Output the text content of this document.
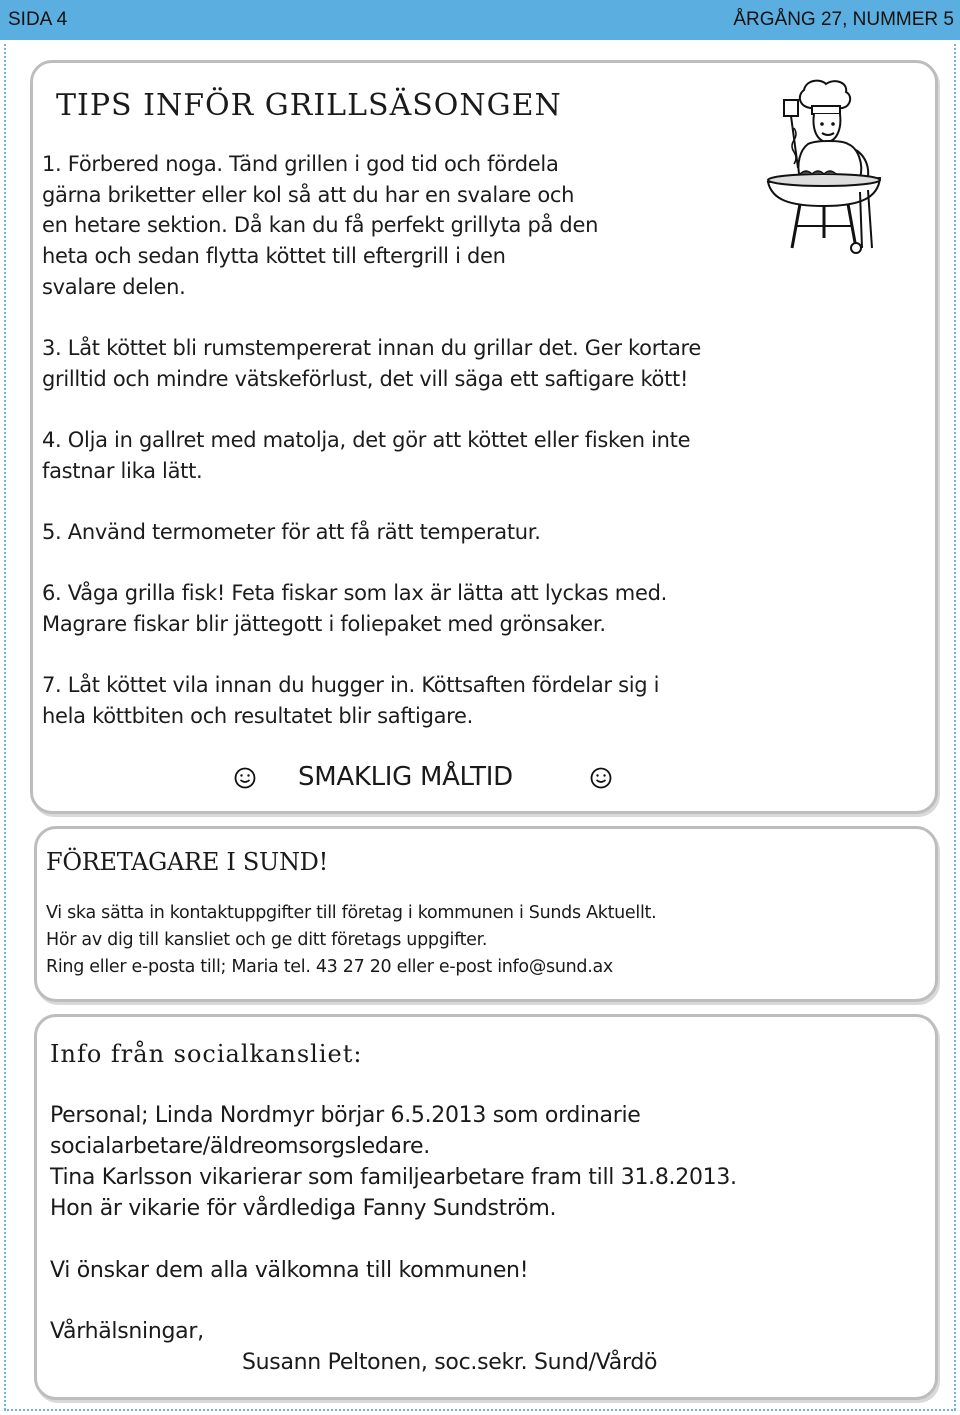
SIDA 4	ÅRGÅNG 27, NUMMER 5
TIPS INFÖR GRILLSÄSONGEN
1. Förbered noga. Tänd grillen i god tid och fördela
gärna briketter eller kol så att du har en svalare och
en hetare sektion. Då kan du få perfekt grillyta på den
heta och sedan flytta köttet till eftergrill i den
svalare delen.
3. Låt köttet bli rumstempererat innan du grillar det. Ger kortare
grilltid och mindre vätskeförlust, det vill säga ett saftigare kött!
4. Olja in gallret med matolja, det gör att köttet eller fisken inte
fastnar lika lätt.
5. Använd termometer för att få rätt temperatur.
6. Våga grilla fisk! Feta fiskar som lax är lätta att lyckas med.
Magrare fiskar blir jättegott i foliepaket med grönsaker.
7. Låt köttet vila innan du hugger in. Köttsaften fördelar sig i
hela köttbiten och resultatet blir saftigare.
SMAKLIG MÅLTID
FÖRETAGARE I SUND!
Vi ska sätta in kontaktuppgifter till företag i kommunen i Sunds Aktuellt.
Hör av dig till kansliet och ge ditt företags uppgifter.
Ring eller e-posta till; Maria tel. 43 27 20 eller e-post info@sund.ax
Info från socialkansliet:
Personal; Linda Nordmyr börjar 6.5.2013 som ordinarie
socialarbetare/äldreomsorgsledare.
Tina Karlsson vikarierar som familjearbetare fram till 31.8.2013.
Hon är vikarie för vårdlediga Fanny Sundström.
Vi önskar dem alla välkomna till kommunen!
Vårhälsningar,
Susann Peltonen, soc.sekr. Sund/Vårdö
